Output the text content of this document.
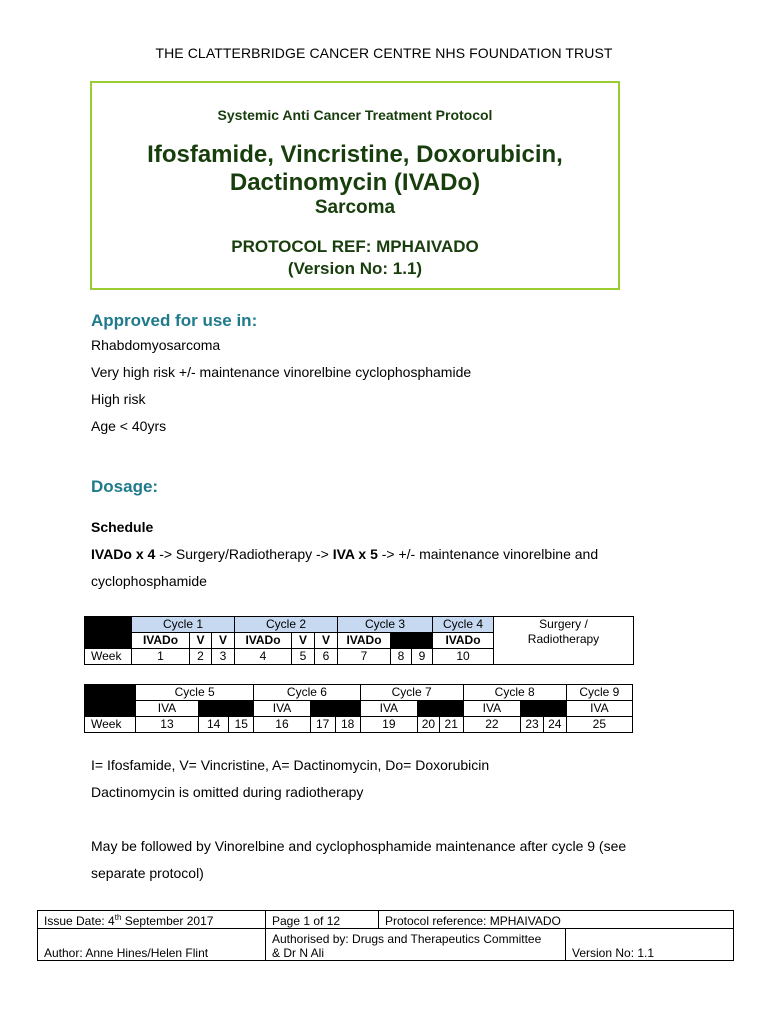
THE CLATTERBRIDGE CANCER CENTRE NHS FOUNDATION TRUST
Systemic Anti Cancer Treatment Protocol
Ifosfamide, Vincristine, Doxorubicin,
Dactinomycin (IVADo)
Sarcoma
PROTOCOL REF: MPHAIVADO
(Version No: 1.1)
Approved for use in:
Rhabdomyosarcoma
Very high risk +/- maintenance vinorelbine cyclophosphamide
High risk
Age < 40yrs
Dosage:
Schedule
IVADo x 4 -> Surgery/Radiotherapy -> IVA x 5 -> +/- maintenance vinorelbine and
cyclophosphamide
	Cycle 1			Cycle 2			Cycle 3			Cycle 4	Surgery /
Radiotherapy

	IVADo	V	V	IVADo	V	V	IVADo			IVADo	
Week	1	2	3	4	5	6	7	8	9	10	
	Cycle 5			Cycle 6			Cycle 7			Cycle 8			Cycle 9
	IVA			IVA			IVA			IVA			IVA
Week	13	14	15	16	17	18	19	20	21	22	23	24	25
I= Ifosfamide, V= Vincristine, A= Dactinomycin, Do= Doxorubicin
Dactinomycin is omitted during radiotherapy
May be followed by Vinorelbine and cyclophosphamide maintenance after cycle 9 (see
separate protocol)
Issue Date: 4th September 2017	Page 1 of 12	Protocol reference: MPHAIVADO	
Author: Anne Hines/Helen Flint	Authorised by: Drugs and Therapeutics Committee
& Dr N Ali		Version No: 1.1
